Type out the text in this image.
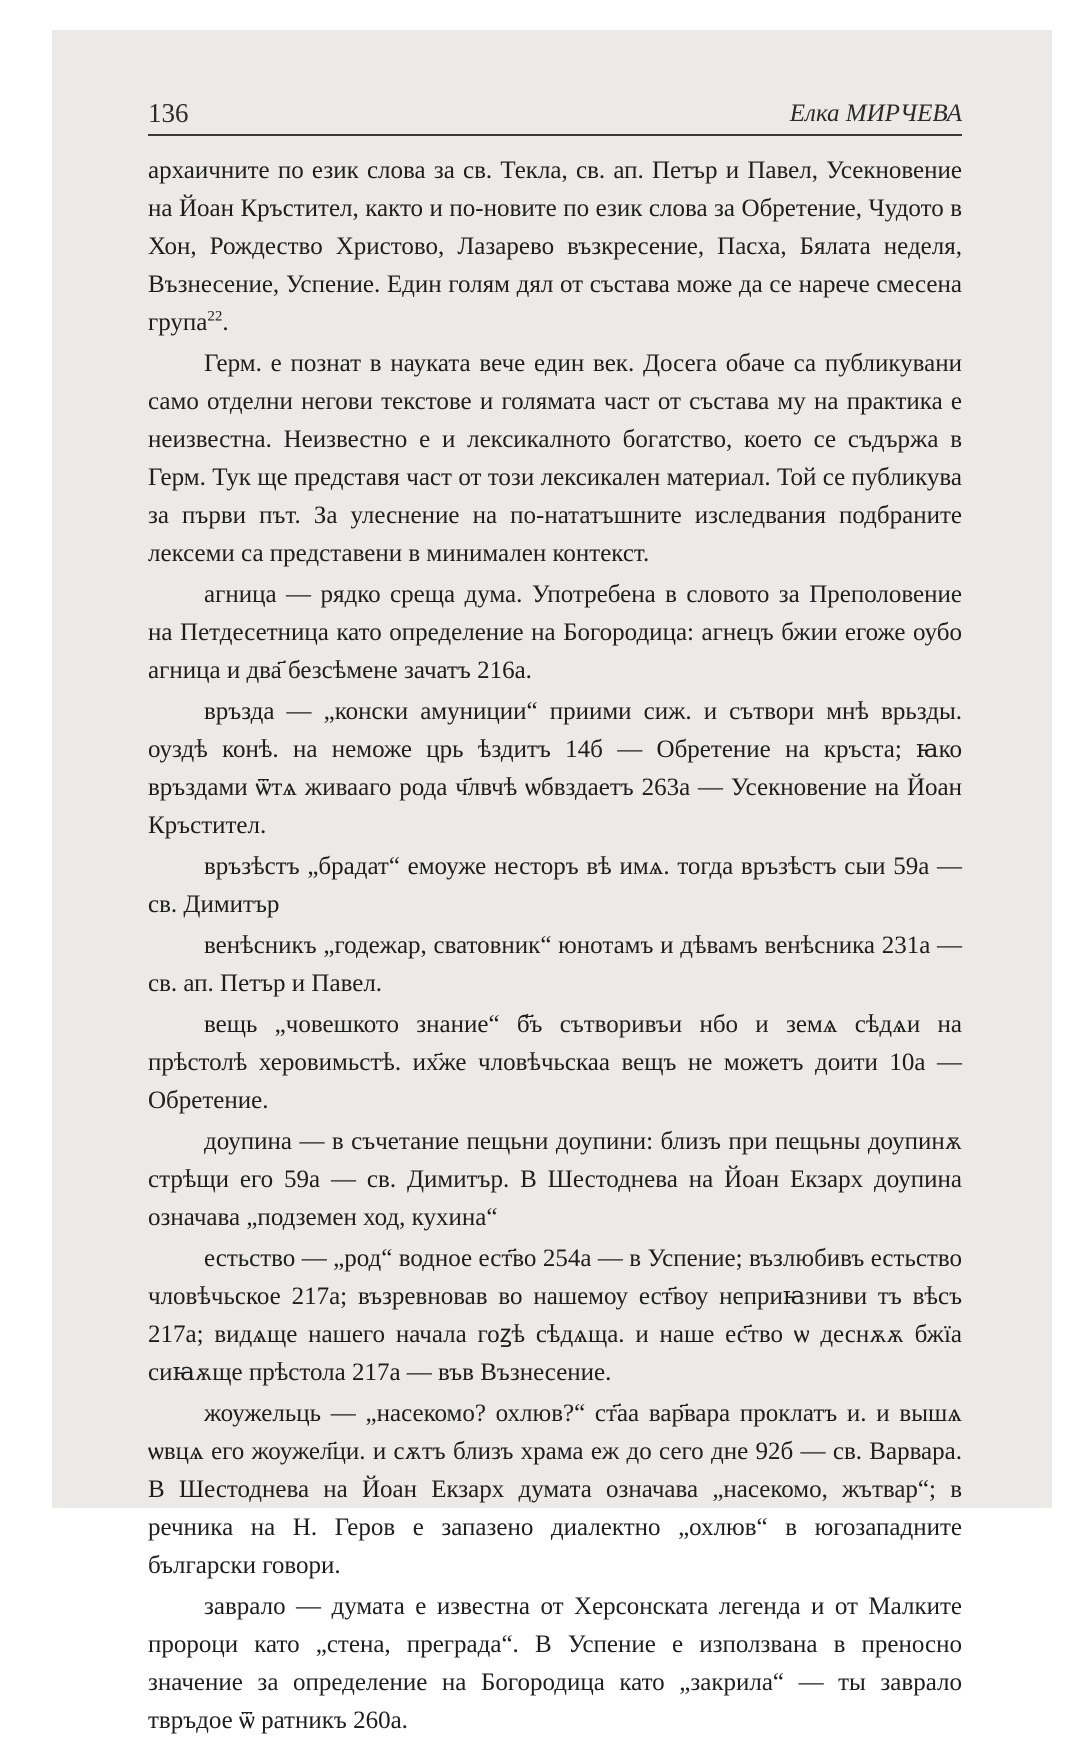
136	Елка МИРЧЕВА

архаичните по език слова за св. Текла, св. ап. Петър и Павел, Усекновение на Йоан Кръстител, както и по-новите по език слова за Обретение, Чудото в Хон, Рождество Христово, Лазарево възкресение, Пасха, Бялата неделя, Възнесение, Успение. Един голям дял от състава може да се нарече смесена група$^{22}$.

Герм. е познат в науката вече един век. Досега обаче са публикувани само отделни негови текстове и голямата част от състава му на практика е неизвестна. Неизвестно е и лексикалното богатство, което се съдържа в Герм. Тук ще представя част от този лексикален материал. Той се публикува за първи път. За улеснение на по-нататъшните изследвания подбраните лексеми са представени в минимален контекст.

агница — рядко среща дума. Употребена в словото за Преполовение на Петдесетница като определение на Богородица: агнецъ бжии егоже оубо агница и два҃ безсѣмене зачатъ 216а.

връзда — „конски амуниции“ приими сиж. и сътвори мнѣ врьзды. оуздѣ конѣ. на неможе црь ѣздитъ 14б — Обретение на кръста; ꙗко връздами ѿтѧ живааго рода ч҃лвчѣ ѡбвздаетъ 263а — Усекновение на Йоан Кръстител.

връзѣстъ „брадат“ емоуже несторъ вѣ имѧ. тогда връзѣстъ сыи 59а — св. Димитър

венѣсникъ „годежар, сватовник“ юнотамъ и дѣвамъ венѣсника 231а — св. ап. Петър и Павел.

вещь „човешкото знание“ б҃ъ сътворивъи нбо и земѧ сѣдѧи на прѣстолѣ херовимьстѣ. их҃же чловѣчьскаа вещъ не можетъ доити 10а — Обретение.

доупина — в съчетание пещьни доупини: близъ при пещьны доупинѫ стрѣщи его 59а — св. Димитър. В Шестоднева на Йоан Екзарх доупина означава „подземен ход, кухина“

естьство — „род“ водное ест҃во 254а — в Успение; възлюбивъ естьство чловѣчьское 217а; възревновав во нашемоу ест҃воу неприꙗзниви тъ вѣсъ 217а; видѧще нашего начала гоꙁѣ сѣдѧща. и наше ес҃тво ѡ деснѫѫ бжїа сиꙗѫще прѣстола 217а — във Възнесение.

жоужельць — „насекомо? охлюв?“ ст҃аа вар҃вара проклатъ и. и вышѧ ѡвцѧ его жоужел҃ци. и сѫтъ близъ храма еж до сего дне 92б — св. Варвара. В Шестоднева на Йоан Екзарх думата означава „насекомо, жътвар“; в речника на Н. Геров е запазено диалектно „охлюв“ в югозападните български говори.

заврало — думата е известна от Херсонската легенда и от Малките пророци като „стена, преграда“. В Успение е използвана в преносно значение за определение на Богородица като „закрила“ — ты заврало твръдое ѿ ратникъ 260а.
